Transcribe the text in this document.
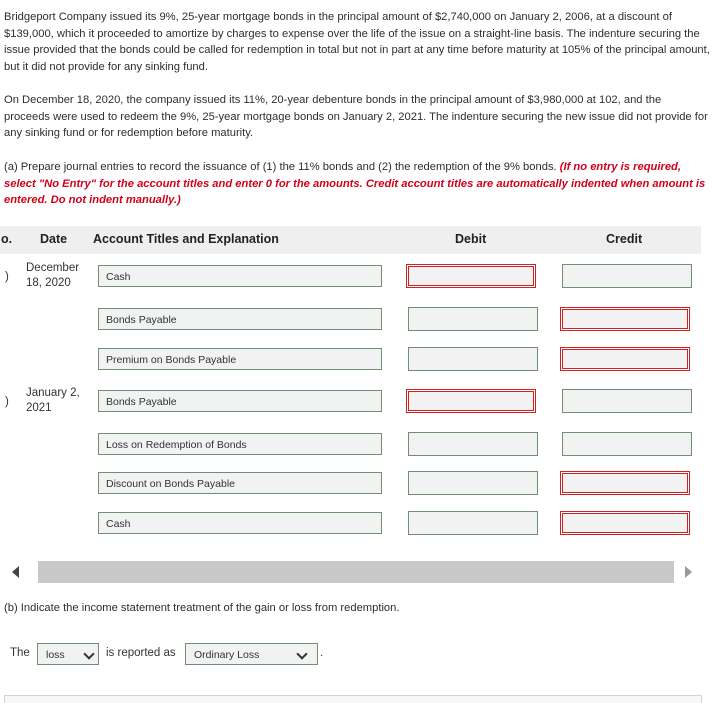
Bridgeport Company issued its 9%, 25-year mortgage bonds in the principal amount of $2,740,000 on January 2, 2006, at a discount of $139,000, which it proceeded to amortize by charges to expense over the life of the issue on a straight-line basis. The indenture securing the issue provided that the bonds could be called for redemption in total but not in part at any time before maturity at 105% of the principal amount, but it did not provide for any sinking fund.

On December 18, 2020, the company issued its 11%, 20-year debenture bonds in the principal amount of $3,980,000 at 102, and the proceeds were used to redeem the 9%, 25-year mortgage bonds on January 2, 2021. The indenture securing the new issue did not provide for any sinking fund or for redemption before maturity.

(a) Prepare journal entries to record the issuance of (1) the 11% bonds and (2) the redemption of the 9% bonds. (If no entry is required, select "No Entry" for the account titles and enter 0 for the amounts. Credit account titles are automatically indented when amount is entered. Do not indent manually.)

o. Date Account Titles and Explanation	Debit	Credit
)
December
18, 2020	Cash
Bonds Payable
Premium on Bonds Payable
)
January 2,
2021	Bonds Payable
Loss on Redemption of Bonds
Discount on Bonds Payable
Cash
(b) Indicate the income statement treatment of the gain or loss from redemption.
The	loss	is reported as	Ordinary Loss	.
